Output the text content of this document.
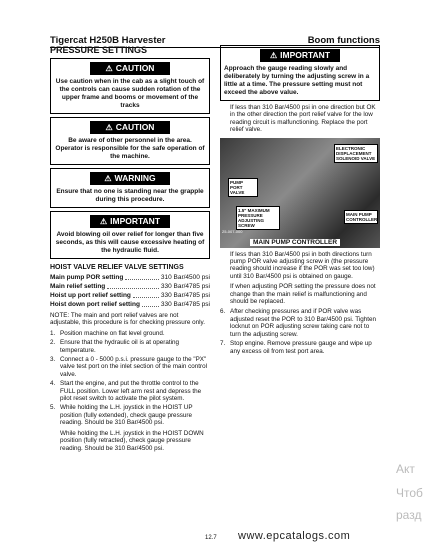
Tigercat H250B Harvester	Boom functions
PRESSURE SETTINGS
⚠ CAUTION
Use caution when in the cab as a slight touch of the controls can cause sudden rotation of the upper frame and booms or movement of the tracks
⚠ CAUTION
Be aware of other personnel in the area. Operator is responsible for the safe operation of the machine.
⚠ WARNING
Ensure that no one is standing near the grapple during this procedure.
⚠ IMPORTANT
Avoid blowing oil over relief for longer than five seconds, as this will cause excessive heating of the hydraulic fluid.
HOIST VALVE RELIEF VALVE SETTINGS
Main pump POR setting	310 Bar/4500 psi
Main relief setting	330 Bar/4785 psi
Hoist up port relief setting	330 Bar/4785 psi
Hoist down port relief setting	330 Bar/4785 psi
NOTE: The main and port relief valves are not adjustable, this procedure is for checking pressure only.
1. Position machine on flat level ground.
2. Ensure that the hydraulic oil is at operating temperature.
3. Connect a 0 - 5000 p.s.i. pressure gauge to the "PX" valve test port on the inlet section of the main control valve.
4. Start the engine, and put the throttle control to the FULL position. Lower left arm rest and depress the pilot reset switch to activate the pilot system.
5. While holding the L.H. joystick in the HOIST UP position (fully extended), check gauge pressure reading. Should be 310 Bar/4500 psi.
While holding the L.H. joystick in the HOIST DOWN position (fully retracted), check gauge pressure reading. Should be 310 Bar/4500 psi.
⚠ IMPORTANT
Approach the gauge reading slowly and deliberately by turning the adjusting screw in a little at a time. The pressure setting must not exceed the above value.
If less than 310 Bar/4500 psi in one direction but OK in the other direction the port relief valve for the low reading circuit is malfunctioning. Replace the port relief valve.
ELECTRONIC DISPLACEMENT SOLENOID VALVE
PUMP PORT VALVE
1.5" MAXIMUM PRESSURE ADJUSTING SCREW
MAIN PUMP CONTROLLER
25-007-000
MAIN PUMP CONTROLLER
If less than 310 Bar/4500 psi in both directions turn pump POR valve adjusting screw in (the pressure reading should increase if the POR was set too low) until 310 Bar/4500 psi is obtained on gauge.
If when adjusting POR setting the pressure does not change than the main relief is malfunctioning and should be replaced.
6. After checking pressures and if POR valve was adjusted reset the POR to 310 Bar/4500 psi. Tighten locknut on POR adjusting screw taking care not to turn the adjusting screw.
7. Stop engine. Remove pressure gauge and wipe up any excess oil from test port area.
12.7 www.epcatalogs.com
Акт
Чтоб
разд
